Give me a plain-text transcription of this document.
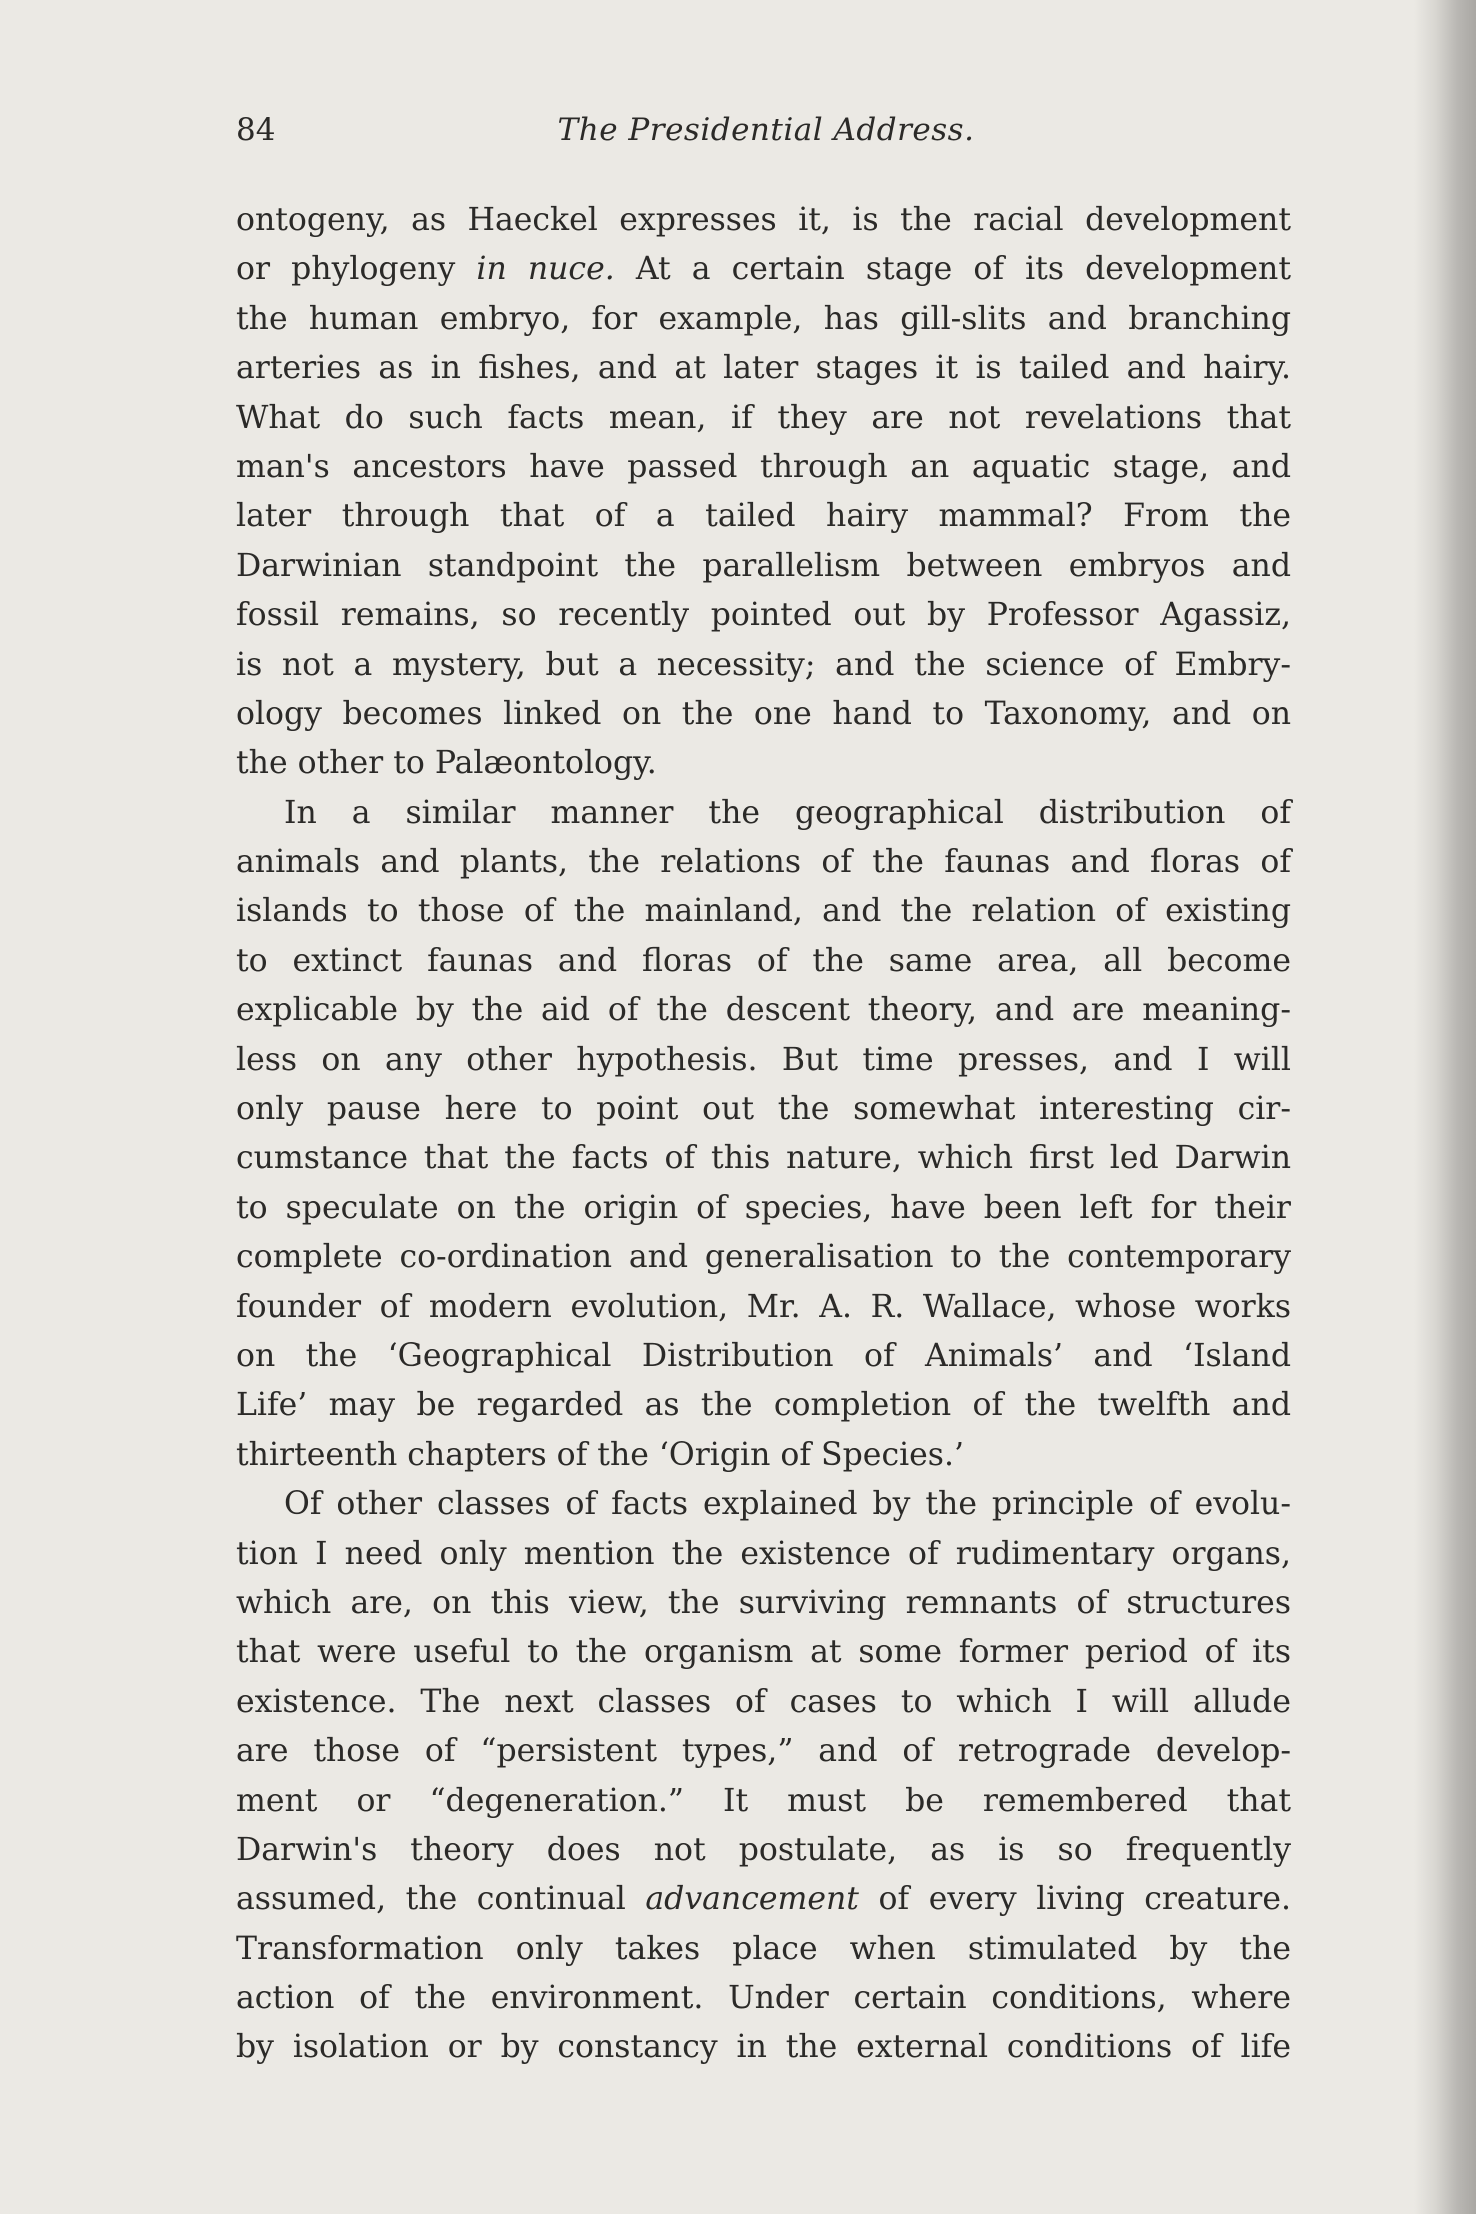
84	The Presidential Address.
ontogeny, as Haeckel expresses it, is the racial development
or phylogeny in nuce. At a certain stage of its development
the human embryo, for example, has gill-slits and branching
arteries as in fishes, and at later stages it is tailed and hairy.
What do such facts mean, if they are not revelations that
man's ancestors have passed through an aquatic stage, and
later through that of a tailed hairy mammal? From the
Darwinian standpoint the parallelism between embryos and
fossil remains, so recently pointed out by Professor Agassiz,
is not a mystery, but a necessity; and the science of Embry-
ology becomes linked on the one hand to Taxonomy, and on
the other to Palæontology.
In a similar manner the geographical distribution of
animals and plants, the relations of the faunas and floras of
islands to those of the mainland, and the relation of existing
to extinct faunas and floras of the same area, all become
explicable by the aid of the descent theory, and are meaning-
less on any other hypothesis. But time presses, and I will
only pause here to point out the somewhat interesting cir-
cumstance that the facts of this nature, which first led Darwin
to speculate on the origin of species, have been left for their
complete co-ordination and generalisation to the contemporary
founder of modern evolution, Mr. A. R. Wallace, whose works
on the ‘Geographical Distribution of Animals’ and ‘Island
Life’ may be regarded as the completion of the twelfth and
thirteenth chapters of the ‘Origin of Species.’
Of other classes of facts explained by the principle of evolu-
tion I need only mention the existence of rudimentary organs,
which are, on this view, the surviving remnants of structures
that were useful to the organism at some former period of its
existence. The next classes of cases to which I will allude
are those of “persistent types,” and of retrograde develop-
ment or “degeneration.” It must be remembered that
Darwin's theory does not postulate, as is so frequently
assumed, the continual advancement of every living creature.
Transformation only takes place when stimulated by the
action of the environment. Under certain conditions, where
by isolation or by constancy in the external conditions of life
